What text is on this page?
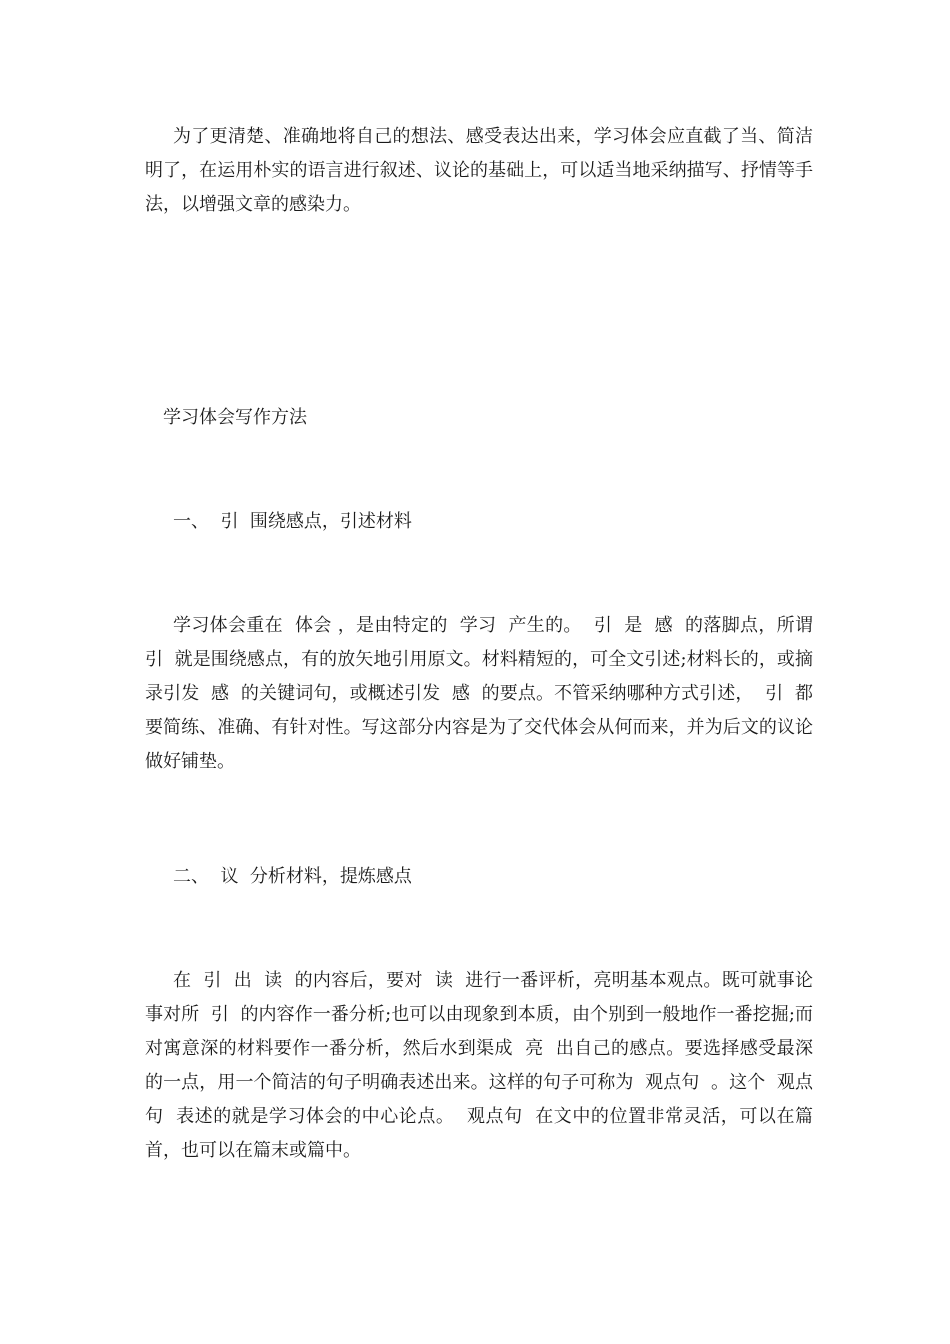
为了更清楚、准确地将自己的想法、感受表达出来，学习体会应直截了当、简洁明了，在运用朴实的语言进行叙述、议论的基础上，可以适当地采纳描写、抒情等手法，以增强文章的感染力。

学习体会写作方法
一、  引  围绕感点，引述材料

学习体会重在  体会 ，是由特定的  学习  产生的。  引  是  感  的落脚点，所谓  引  就是围绕感点，有的放矢地引用原文。材料精短的，可全文引述;材料长的，或摘录引发  感  的关键词句，或概述引发  感  的要点。不管采纳哪种方式引述，  引  都要简练、准确、有针对性。写这部分内容是为了交代体会从何而来，并为后文的议论做好铺垫。

二、  议  分析材料，提炼感点

在  引  出  读  的内容后，要对  读  进行一番评析，亮明基本观点。既可就事论事对所  引  的内容作一番分析;也可以由现象到本质，由个别到一般地作一番挖掘;而对寓意深的材料要作一番分析，然后水到渠成  亮  出自己的感点。要选择感受最深的一点，用一个简洁的句子明确表述出来。这样的句子可称为  观点句  。这个  观点句  表述的就是学习体会的中心论点。  观点句  在文中的位置非常灵活，可以在篇首，也可以在篇末或篇中。
